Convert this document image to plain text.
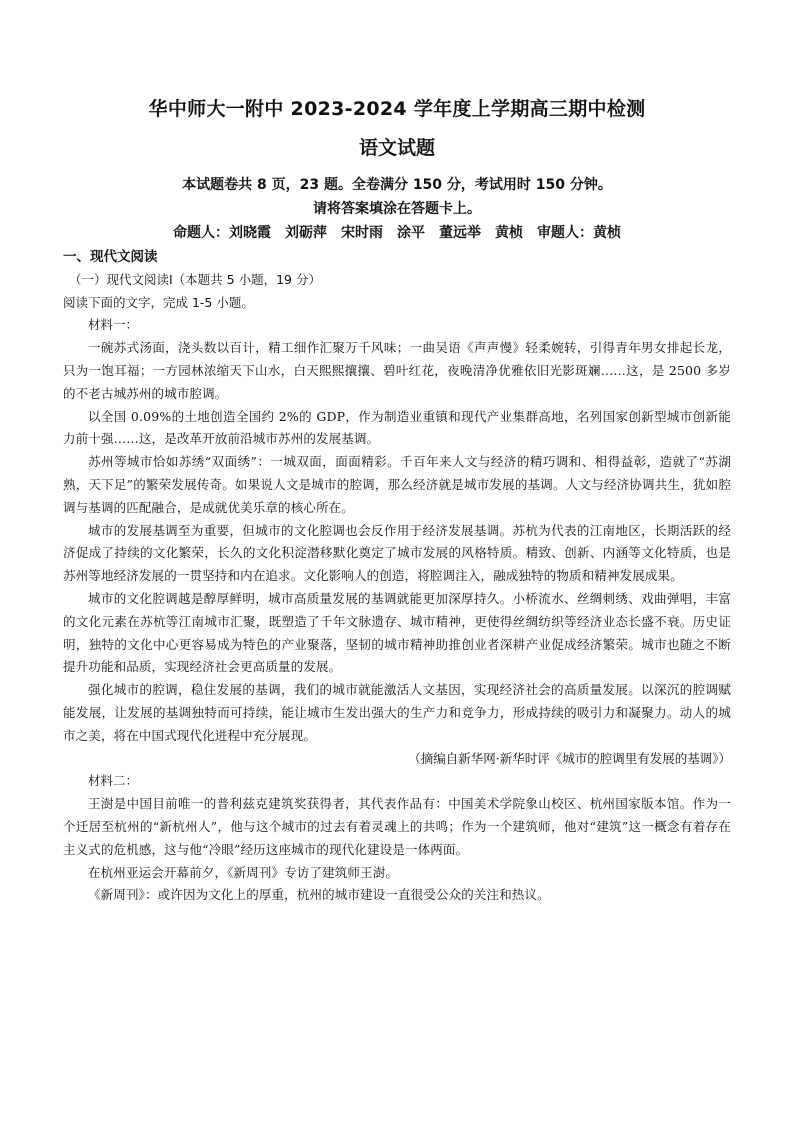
华中师大一附中 2023-2024 学年度上学期高三期中检测
语文试题
本试题卷共 8 页，23 题。全卷满分 150 分，考试用时 150 分钟。
请将答案填涂在答题卡上。
命题人：刘晓霞　刘砺萍　宋时雨　涂平　董远举　黄桢　审题人：黄桢
一、现代文阅读
（一）现代文阅读Ⅰ（本题共 5 小题，19 分）
阅读下面的文字，完成 1-5 小题。

材料一：

一碗苏式汤面，浇头数以百计，精工细作汇聚万千风味；一曲吴语《声声慢》轻柔婉转，引得青年男女排起长龙，只为一饱耳福；一方园林浓缩天下山水，白天熙熙攘攘、碧叶红花，夜晚清净优雅依旧光影斑斓……这，是 2500 多岁的不老古城苏州的城市腔调。

以全国 0.09%的土地创造全国约 2%的 GDP，作为制造业重镇和现代产业集群高地，名列国家创新型城市创新能力前十强……这，是改革开放前沿城市苏州的发展基调。

苏州等城市恰如苏绣“双面绣”：一城双面，面面精彩。千百年来人文与经济的精巧调和、相得益彰，造就了“苏湖熟，天下足”的繁荣发展传奇。如果说人文是城市的腔调，那么经济就是城市发展的基调。人文与经济协调共生，犹如腔调与基调的匹配融合，是成就优美乐章的核心所在。

城市的发展基调至为重要，但城市的文化腔调也会反作用于经济发展基调。苏杭为代表的江南地区，长期活跃的经济促成了持续的文化繁荣，长久的文化积淀潜移默化奠定了城市发展的风格特质。精致、创新、内涵等文化特质，也是苏州等地经济发展的一贯坚持和内在追求。文化影响人的创造，将腔调注入，融成独特的物质和精神发展成果。

城市的文化腔调越是醇厚鲜明，城市高质量发展的基调就能更加深厚持久。小桥流水、丝绸刺绣、戏曲弹唱，丰富的文化元素在苏杭等江南城市汇聚，既塑造了千年文脉遗存、城市精神，更使得丝绸纺织等经济业态长盛不衰。历史证明，独特的文化中心更容易成为特色的产业聚落，坚韧的城市精神助推创业者深耕产业促成经济繁荣。城市也随之不断提升功能和品质，实现经济社会更高质量的发展。

强化城市的腔调，稳住发展的基调，我们的城市就能激活人文基因，实现经济社会的高质量发展。以深沉的腔调赋能发展，让发展的基调独特而可持续，能让城市生发出强大的生产力和竞争力，形成持续的吸引力和凝聚力。动人的城市之美，将在中国式现代化进程中充分展现。

（摘编自新华网·新华时评《城市的腔调里有发展的基调》）

材料二：

王澍是中国目前唯一的普利兹克建筑奖获得者，其代表作品有：中国美术学院象山校区、杭州国家版本馆。作为一个迁居至杭州的“新杭州人”，他与这个城市的过去有着灵魂上的共鸣；作为一个建筑师，他对“建筑”这一概念有着存在主义式的危机感，这与他“冷眼”经历这座城市的现代化建设是一体两面。

在杭州亚运会开幕前夕，《新周刊》专访了建筑师王澍。

《新周刊》：或许因为文化上的厚重，杭州的城市建设一直很受公众的关注和热议。
